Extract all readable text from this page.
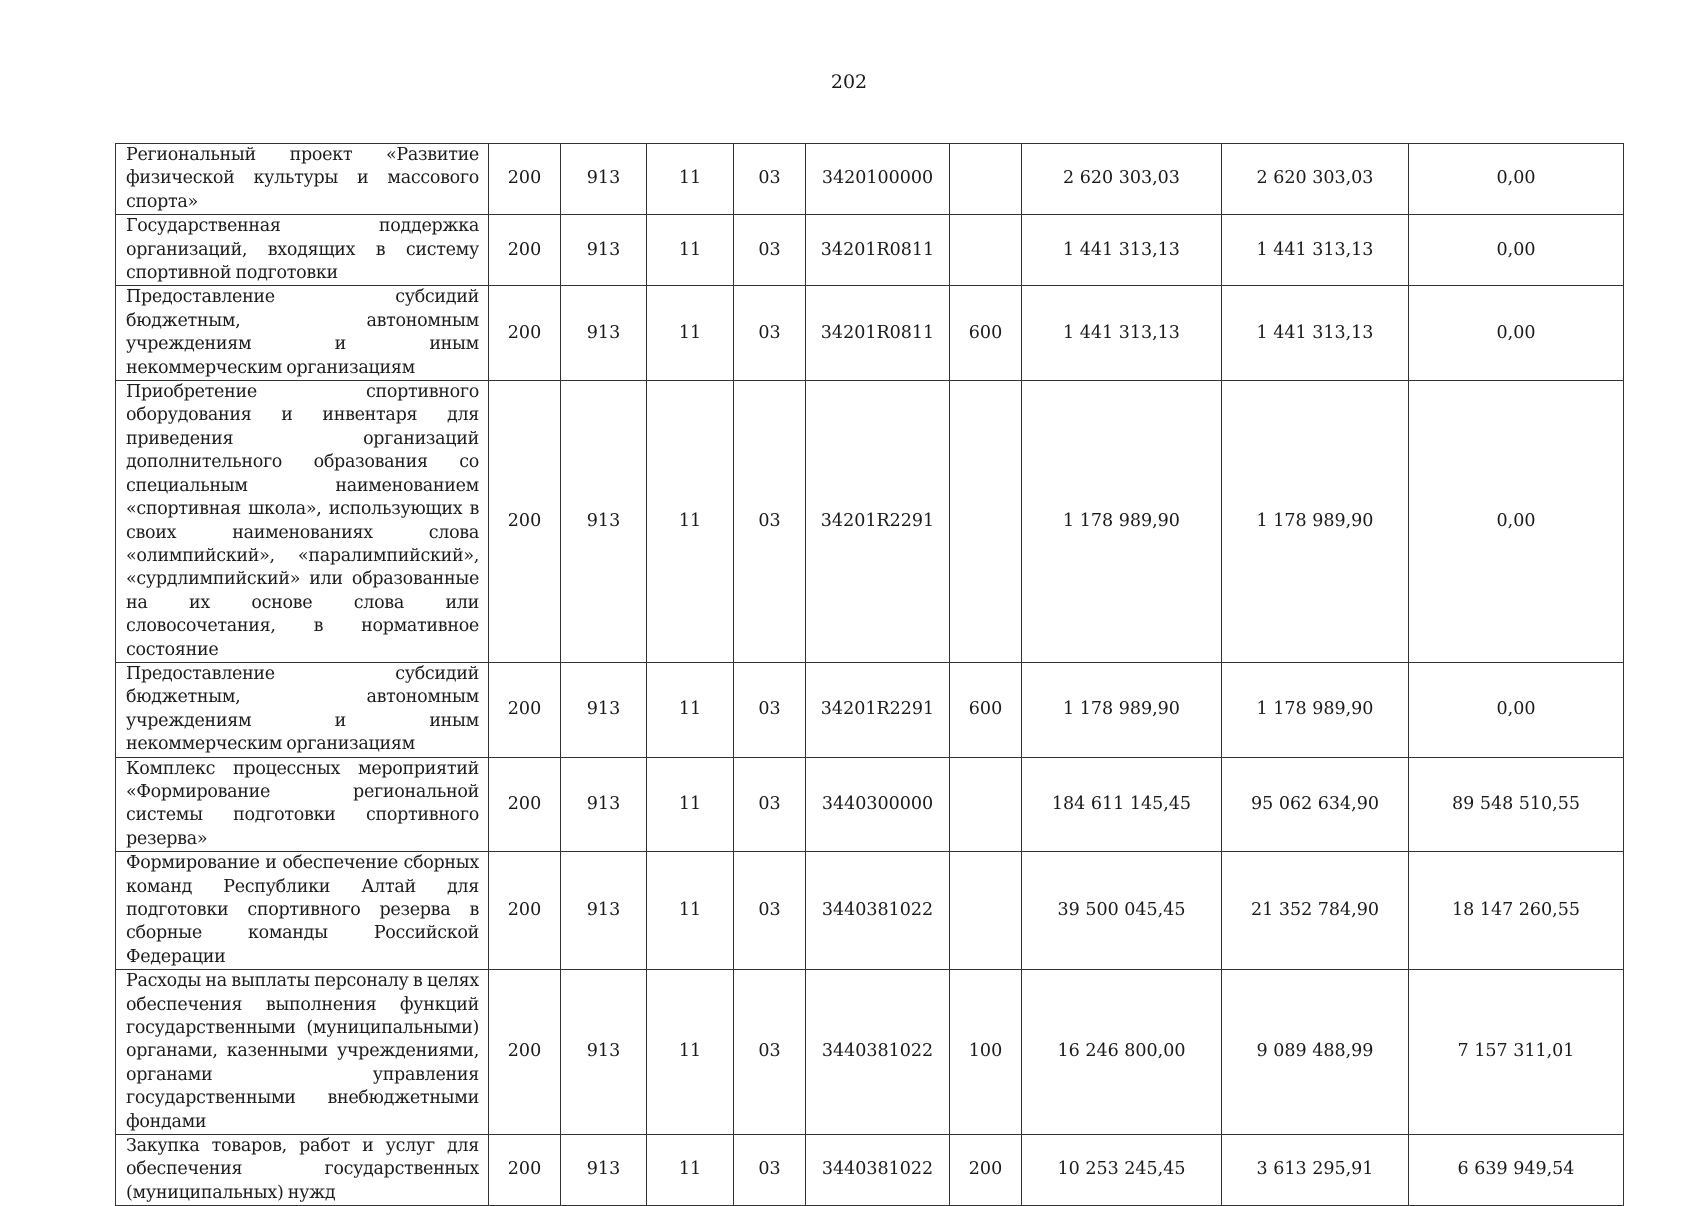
202
Региональный проект «Развитие физической культуры и массового спорта»	200	913	11	03	3420100000		2 620 303,03	2 620 303,03	0,00
Государственная поддержка организаций, входящих в систему спортивной подготовки	200	913	11	03	34201R0811		1 441 313,13	1 441 313,13	0,00
Предоставление субсидий бюджетным, автономным учреждениям и иным некоммерческим организациям	200	913	11	03	34201R0811	600	1 441 313,13	1 441 313,13	0,00
Приобретение спортивного оборудования и инвентаря для приведения организаций дополнительного образования со специальным наименованием «спортивная школа», использующих в своих наименованиях слова «олимпийский», «паралимпийский», «сурдлимпийский» или образованные на их основе слова или словосочетания, в нормативное состояние	200	913	11	03	34201R2291		1 178 989,90	1 178 989,90	0,00
Предоставление субсидий бюджетным, автономным учреждениям и иным некоммерческим организациям	200	913	11	03	34201R2291	600	1 178 989,90	1 178 989,90	0,00
Комплекс процессных мероприятий «Формирование региональной системы подготовки спортивного резерва»	200	913	11	03	3440300000		184 611 145,45	95 062 634,90	89 548 510,55
Формирование и обеспечение сборных команд Республики Алтай для подготовки спортивного резерва в сборные команды Российской Федерации	200	913	11	03	3440381022		39 500 045,45	21 352 784,90	18 147 260,55
Расходы на выплаты персоналу в целях обеспечения выполнения функций государственными (муниципальными) органами, казенными учреждениями, органами управления государственными внебюджетными фондами	200	913	11	03	3440381022	100	16 246 800,00	9 089 488,99	7 157 311,01
Закупка товаров, работ и услуг для обеспечения государственных (муниципальных) нужд	200	913	11	03	3440381022	200	10 253 245,45	3 613 295,91	6 639 949,54
